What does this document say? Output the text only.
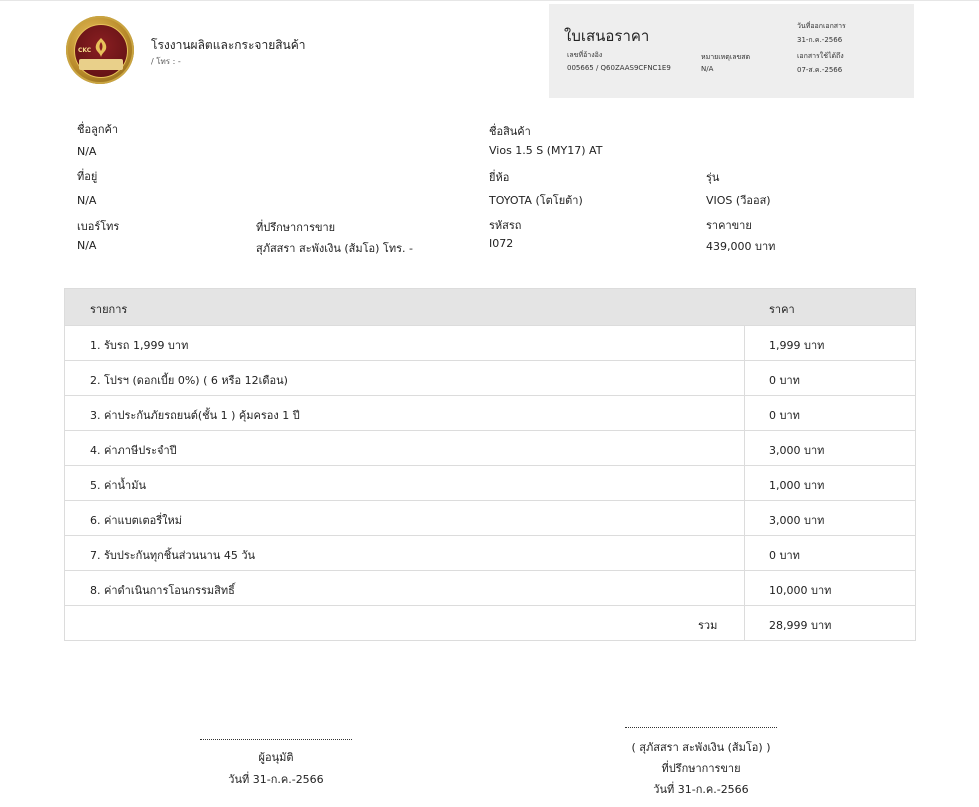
CKC	โรงงานผลิตและกระจายสินค้า
/ โทร : -
ใบเสนอราคา
เลขที่อ้างอิง
005665 / Q60ZAAS9CFNC1E9
หมายเหตุเลขสต
N/A
วันที่ออกเอกสาร
31-ก.ค.-2566
เอกสารใช้ได้ถึง
07-ส.ค.-2566
ชื่อลูกค้า
N/A
ที่อยู่
N/A
เบอร์โทร
N/A
ที่ปรึกษาการขาย
สุภัสสรา สะพังเงิน (ส้มโอ) โทร. -
ชื่อสินค้า
Vios 1.5 S (MY17) AT
ยี่ห้อ
TOYOTA (โตโยต้า)
รุ่น
VIOS (วีออส)
รหัสรถ
I072
ราคาขาย
439,000 บาท
รายการ	ราคา
1. รับรถ 1,999 บาท	1,999 บาท
2. โปรฯ (ดอกเบี้ย 0%) ( 6 หรือ 12เดือน)	0 บาท
3. ค่าประกันภัยรถยนต์(ชั้น 1 ) คุ้มครอง 1 ปี	0 บาท
4. ค่าภาษีประจำปี	3,000 บาท
5. ค่าน้ำมัน	1,000 บาท
6. ค่าแบตเตอรี่ใหม่	3,000 บาท
7. รับประกันทุกชิ้นส่วนนาน 45 วัน	0 บาท
8. ค่าดำเนินการโอนกรรมสิทธิ์	10,000 บาท
รวม	28,999 บาท
ผู้อนุมัติ
วันที่ 31-ก.ค.-2566
( สุภัสสรา สะพังเงิน (ส้มโอ) )
ที่ปรึกษาการขาย
วันที่ 31-ก.ค.-2566
